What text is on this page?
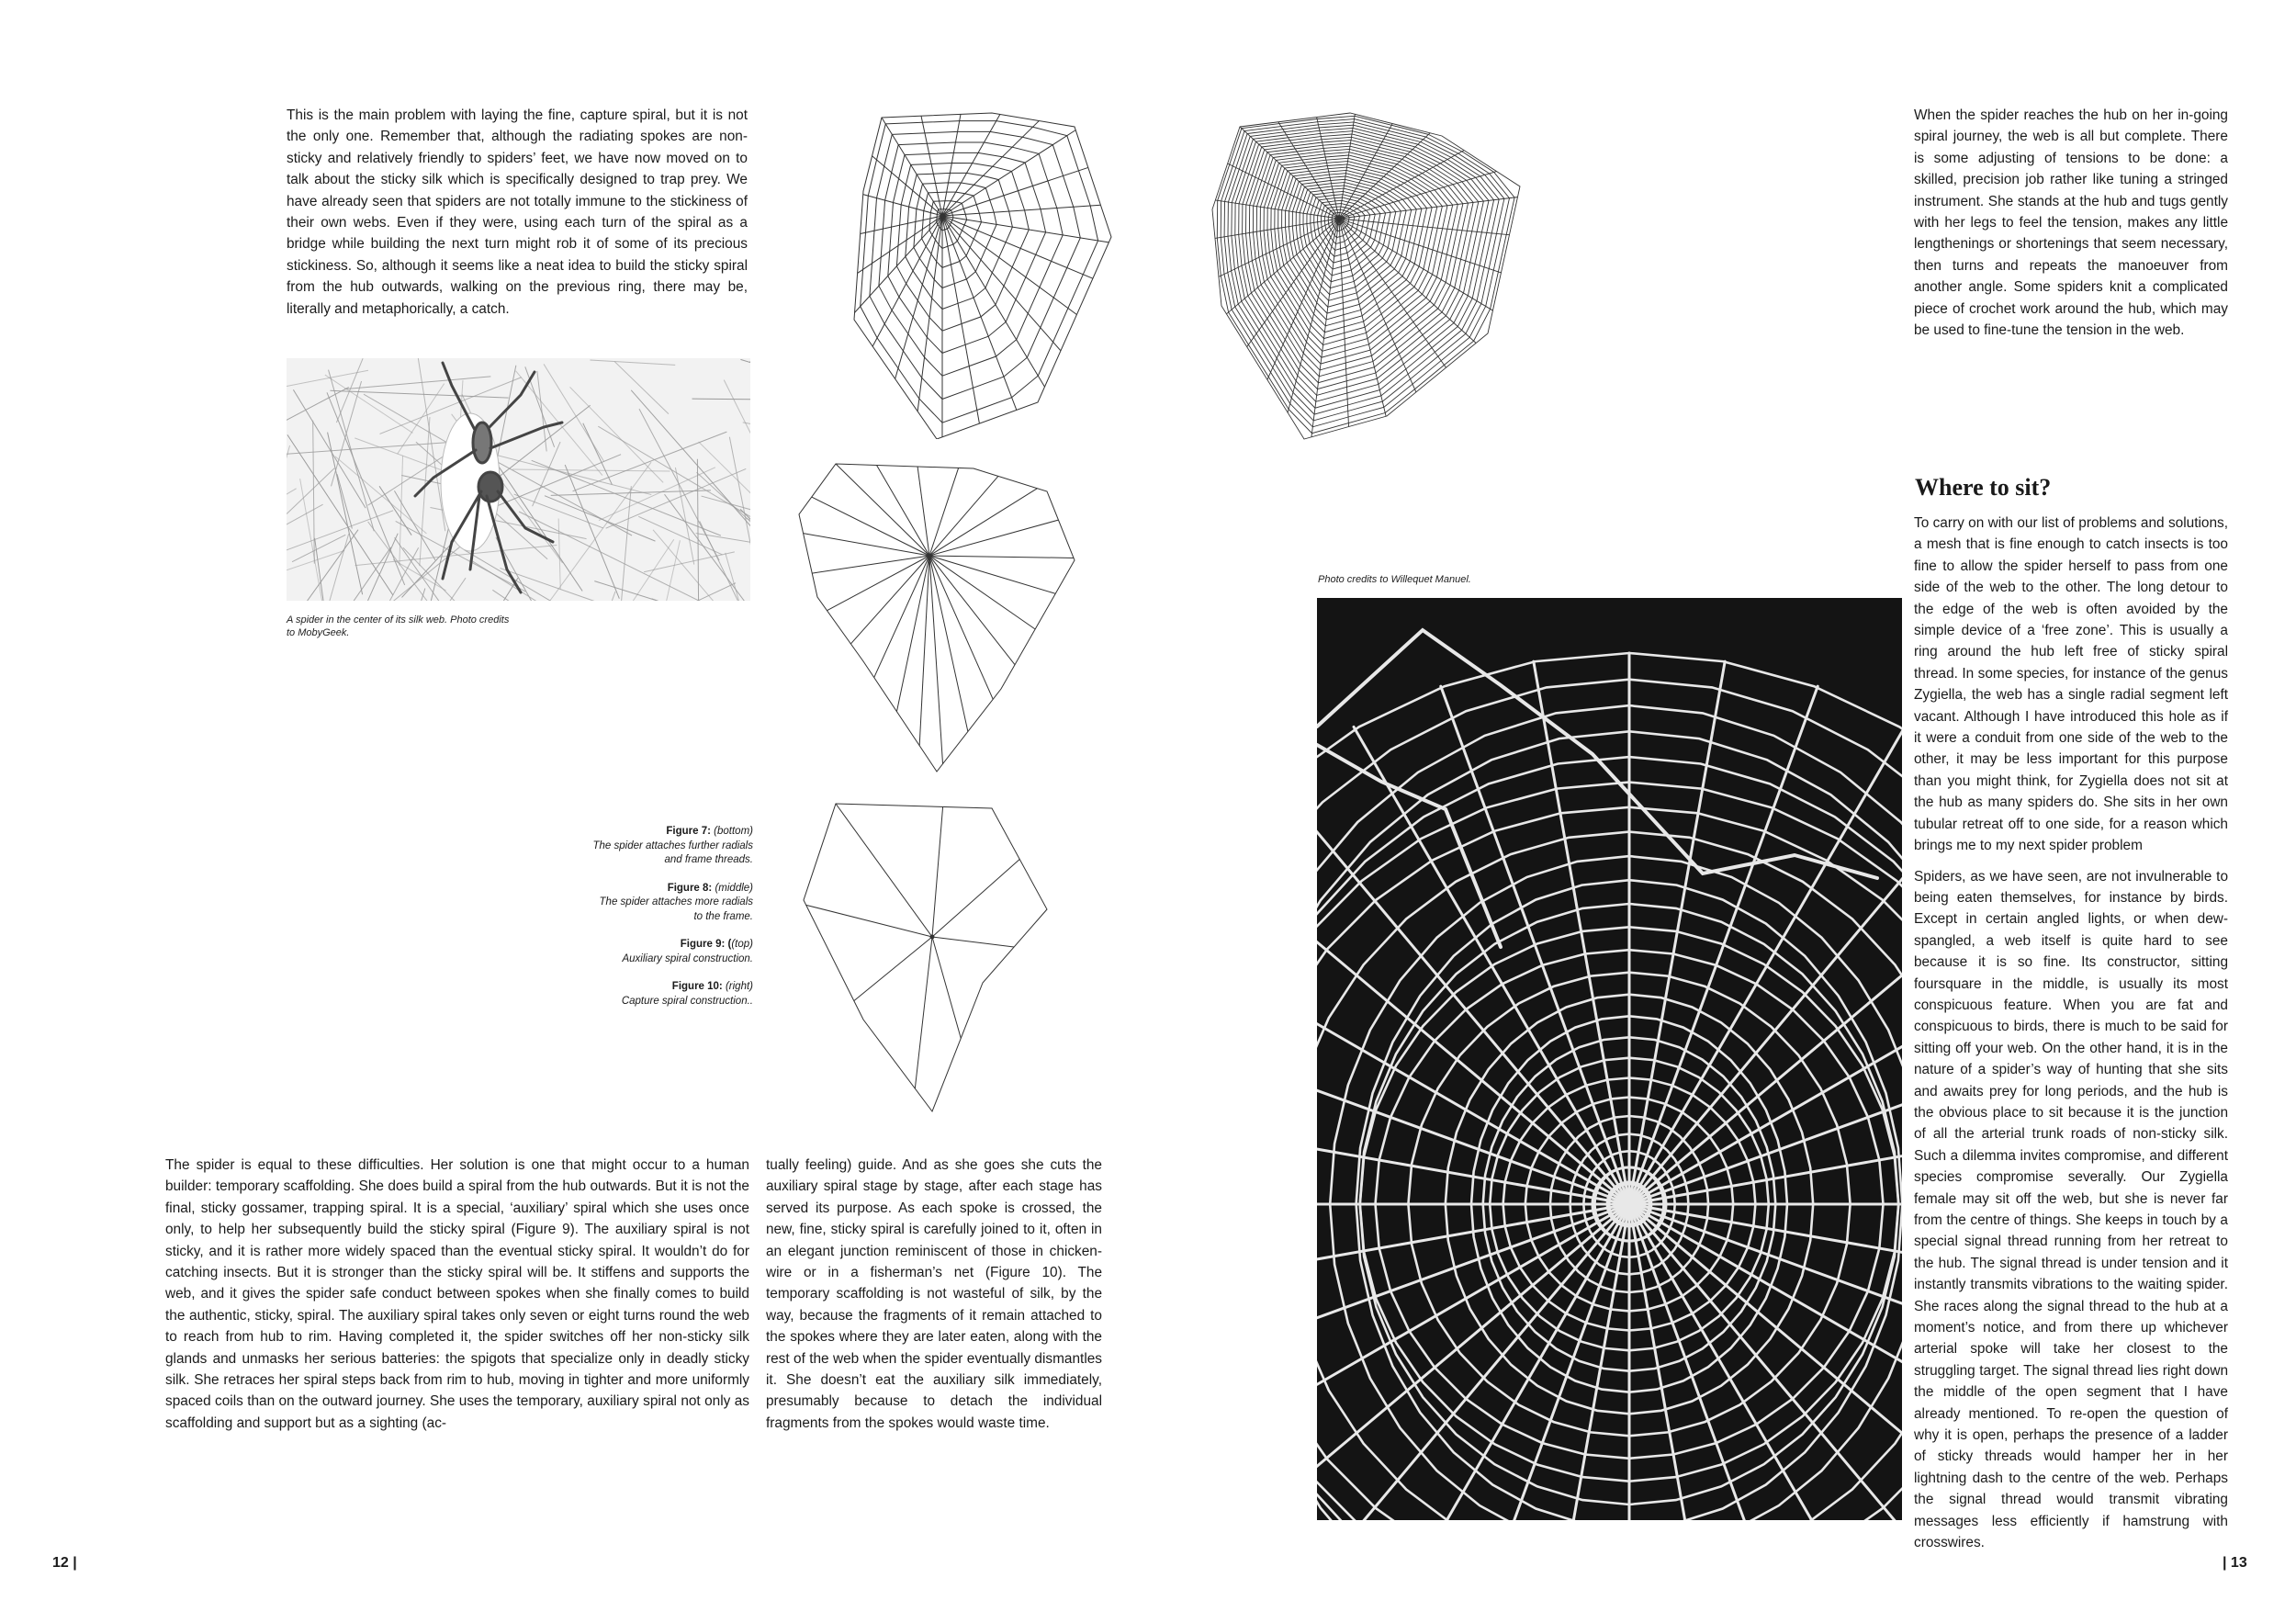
This is the main problem with laying the fine, capture spiral, but it is not the only one. Remember that, although the radiating spokes are non-sticky and relatively friendly to spiders’ feet, we have now moved on to talk about the sticky silk which is specifically designed to trap prey. We have already seen that spiders are not totally immune to the stickiness of their own webs. Even if they were, using each turn of the spiral as a bridge while building the next turn might rob it of some of its precious stickiness. So, although it seems like a neat idea to build the sticky spiral from the hub outwards, walking on the previous ring, there may be, literally and metaphorically, a catch.

A spider in the center of its silk web. Photo credits to MobyGeek.
Figure 7: (bottom)
The spider attaches further radials and frame threads.
Figure 8: (middle)
The spider attaches more radials to the frame.
Figure 9: ((top)
Auxiliary spiral construction.
Figure 10: (right)
Capture spiral construction..

The spider is equal to these difficulties. Her solution is one that might occur to a human builder: temporary scaffolding. She does build a spiral from the hub outwards. But it is not the final, sticky gossamer, trapping spiral. It is a special, ‘auxiliary’ spiral which she uses once only, to help her subsequently build the sticky spiral (Figure 9). The auxiliary spiral is not sticky, and it is rather more widely spaced than the eventual sticky spiral. It wouldn’t do for catching insects. But it is stronger than the sticky spiral will be. It stiffens and supports the web, and it gives the spider safe conduct between spokes when she finally comes to build the authentic, sticky, spiral. The auxiliary spiral takes only seven or eight turns round the web to reach from hub to rim. Having completed it, the spider switches off her non-sticky silk glands and unmasks her serious batteries: the spigots that specialize only in deadly sticky silk. She retraces her spiral steps back from rim to hub, moving in tighter and more uniformly spaced coils than on the outward journey. She uses the temporary, auxiliary spiral not only as scaffolding and support but as a sighting (ac-

tually feeling) guide. And as she goes she cuts the auxiliary spiral stage by stage, after each stage has served its purpose. As each spoke is crossed, the new, fine, sticky spiral is carefully joined to it, often in an elegant junction reminiscent of those in chicken-wire or in a fisherman’s net (Figure 10). The temporary scaffolding is not wasteful of silk, by the way, because the fragments of it remain attached to the spokes where they are later eaten, along with the rest of the web when the spider eventually dismantles it. She doesn’t eat the auxiliary silk immediately, presumably because to detach the individual fragments from the spokes would waste time.

12 |
Photo credits to Willequet Manuel.

When the spider reaches the hub on her in-going spiral journey, the web is all but complete. There is some adjusting of tensions to be done: a skilled, precision job rather like tuning a stringed instrument. She stands at the hub and tugs gently with her legs to feel the tension, makes any little lengthenings or shortenings that seem necessary, then turns and repeats the manoeuver from another angle. Some spiders knit a complicated piece of crochet work around the hub, which may be used to fine-tune the tension in the web.

Where to sit?

To carry on with our list of problems and solutions, a mesh that is fine enough to catch insects is too fine to allow the spider herself to pass from one side of the web to the other. The long detour to the edge of the web is often avoided by the simple device of a ‘free zone’. This is usually a ring around the hub left free of sticky spiral thread. In some species, for instance of the genus Zygiella, the web has a single radial segment left vacant. Although I have introduced this hole as if it were a conduit from one side of the web to the other, it may be less important for this purpose than you might think, for Zygiella does not sit at the hub as many spiders do. She sits in her own tubular retreat off to one side, for a reason which brings me to my next spider problem

Spiders, as we have seen, are not invulnerable to being eaten themselves, for instance by birds. Except in certain angled lights, or when dew-spangled, a web itself is quite hard to see because it is so fine. Its constructor, sitting foursquare in the middle, is usually its most conspicuous feature. When you are fat and conspicuous to birds, there is much to be said for sitting off your web. On the other hand, it is in the nature of a spider’s way of hunting that she sits and awaits prey for long periods, and the hub is the obvious place to sit because it is the junction of all the arterial trunk roads of non-sticky silk. Such a dilemma invites compromise, and different species compromise severally. Our Zygiella female may sit off the web, but she is never far from the centre of things. She keeps in touch by a special signal thread running from her retreat to the hub. The signal thread is under tension and it instantly transmits vibrations to the waiting spider. She races along the signal thread to the hub at a moment’s notice, and from there up whichever arterial spoke will take her closest to the struggling target. The signal thread lies right down the middle of the open segment that I have already mentioned. To re-open the question of why it is open, perhaps the presence of a ladder of sticky threads would hamper her in her lightning dash to the centre of the web. Perhaps the signal thread would transmit vibrating messages less efficiently if hamstrung with crosswires.

| 13
